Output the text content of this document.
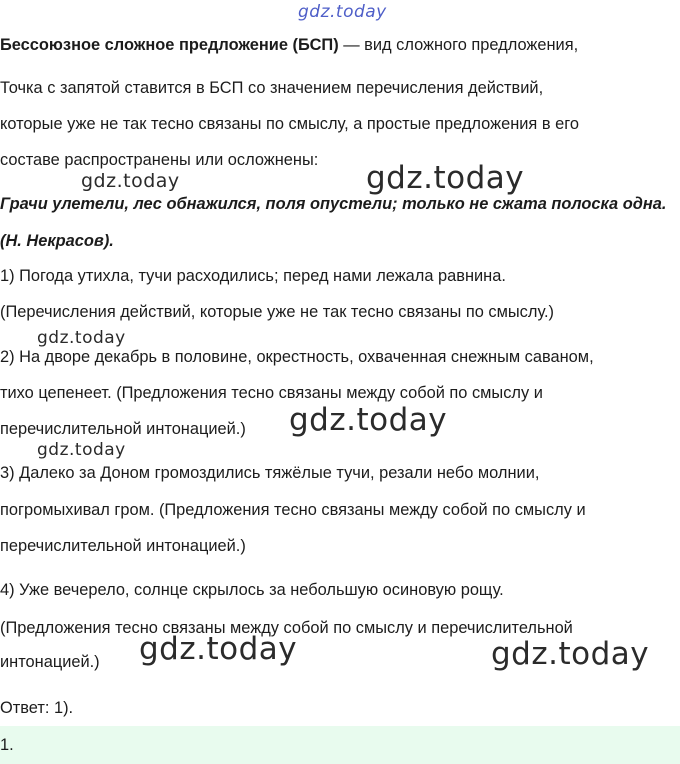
gdz.today
Бессоюзное сложное предложение (БСП) — вид сложного предложения,
Точка с запятой ставится в БСП со значением перечисления действий,
которые уже не так тесно связаны по смыслу, а простые предложения в его
составе распространены или осложнены:
gdz.today	gdz.today
Грачи улетели, лес обнажился, поля опустели; только не сжата полоска одна.
(Н. Некрасов).
1) Погода утихла, тучи расходились; перед нами лежала равнина.
(Перечисления действий, которые уже не так тесно связаны по смыслу.)
gdz.today
2) На дворе декабрь в половине, окрестность, охваченная снежным саваном,
тихо цепенеет. (Предложения тесно связаны между собой по смыслу и
перечислительной интонацией.)	gdz.today
gdz.today
3) Далеко за Доном громоздились тяжёлые тучи, резали небо молнии,
погромыхивал гром. (Предложения тесно связаны между собой по смыслу и
перечислительной интонацией.)
4) Уже вечерело, солнце скрылось за небольшую осиновую рощу.
(Предложения тесно связаны между собой по смыслу и перечислительной
интонацией.)	gdz.today	gdz.today
Ответ: 1).
1.
